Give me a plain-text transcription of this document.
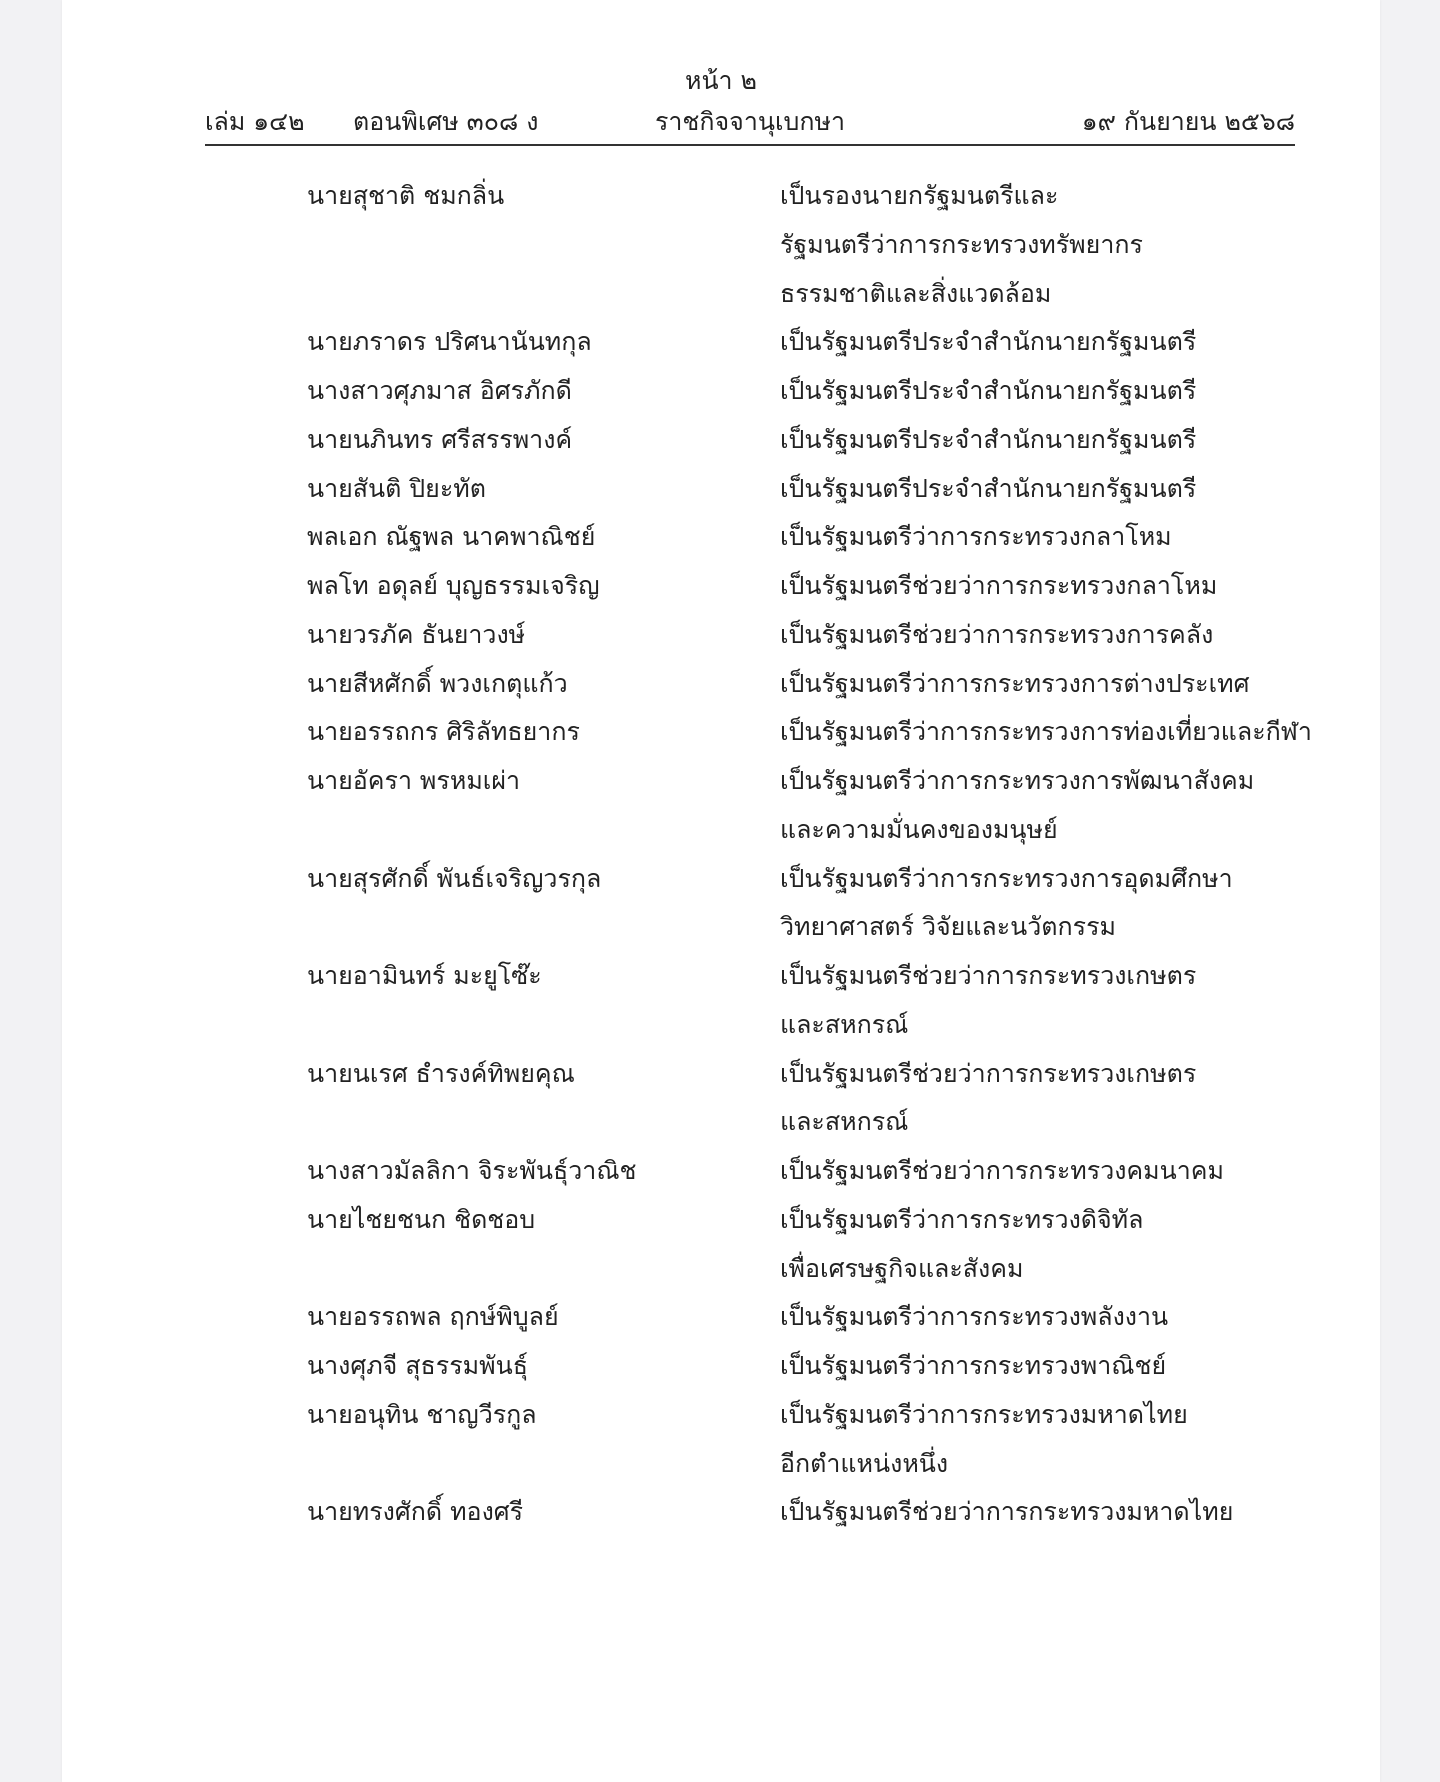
หน้า ๒
ราชกิจจานุเบกษา
เล่ม ๑๔๒ ตอนพิเศษ ๓๐๘ ง	๑๙ กันยายน ๒๕๖๘
นายสุชาติ ชมกลิ่น	เป็นรองนายกรัฐมนตรีและ
รัฐมนตรีว่าการกระทรวงทรัพยากร
ธรรมชาติและสิ่งแวดล้อม
นายภราดร ปริศนานันทกุล	เป็นรัฐมนตรีประจำสำนักนายกรัฐมนตรี
นางสาวศุภมาส อิศรภักดี	เป็นรัฐมนตรีประจำสำนักนายกรัฐมนตรี
นายนภินทร ศรีสรรพางค์	เป็นรัฐมนตรีประจำสำนักนายกรัฐมนตรี
นายสันติ ปิยะทัต	เป็นรัฐมนตรีประจำสำนักนายกรัฐมนตรี
พลเอก ณัฐพล นาคพาณิชย์	เป็นรัฐมนตรีว่าการกระทรวงกลาโหม
พลโท อดุลย์ บุญธรรมเจริญ	เป็นรัฐมนตรีช่วยว่าการกระทรวงกลาโหม
นายวรภัค ธันยาวงษ์	เป็นรัฐมนตรีช่วยว่าการกระทรวงการคลัง
นายสีหศักดิ์ พวงเกตุแก้ว	เป็นรัฐมนตรีว่าการกระทรวงการต่างประเทศ
นายอรรถกร ศิริลัทธยากร	เป็นรัฐมนตรีว่าการกระทรวงการท่องเที่ยวและกีฬา
นายอัครา พรหมเผ่า	เป็นรัฐมนตรีว่าการกระทรวงการพัฒนาสังคม
และความมั่นคงของมนุษย์
นายสุรศักดิ์ พันธ์เจริญวรกุล	เป็นรัฐมนตรีว่าการกระทรวงการอุดมศึกษา
วิทยาศาสตร์ วิจัยและนวัตกรรม
นายอามินทร์ มะยูโซ๊ะ	เป็นรัฐมนตรีช่วยว่าการกระทรวงเกษตร
และสหกรณ์
นายนเรศ ธำรงค์ทิพยคุณ	เป็นรัฐมนตรีช่วยว่าการกระทรวงเกษตร
และสหกรณ์
นางสาวมัลลิกา จิระพันธุ์วาณิช	เป็นรัฐมนตรีช่วยว่าการกระทรวงคมนาคม
นายไชยชนก ชิดชอบ	เป็นรัฐมนตรีว่าการกระทรวงดิจิทัล
เพื่อเศรษฐกิจและสังคม
นายอรรถพล ฤกษ์พิบูลย์	เป็นรัฐมนตรีว่าการกระทรวงพลังงาน
นางศุภจี สุธรรมพันธุ์	เป็นรัฐมนตรีว่าการกระทรวงพาณิชย์
นายอนุทิน ชาญวีรกูล	เป็นรัฐมนตรีว่าการกระทรวงมหาดไทย
อีกตำแหน่งหนึ่ง
นายทรงศักดิ์ ทองศรี	เป็นรัฐมนตรีช่วยว่าการกระทรวงมหาดไทย
